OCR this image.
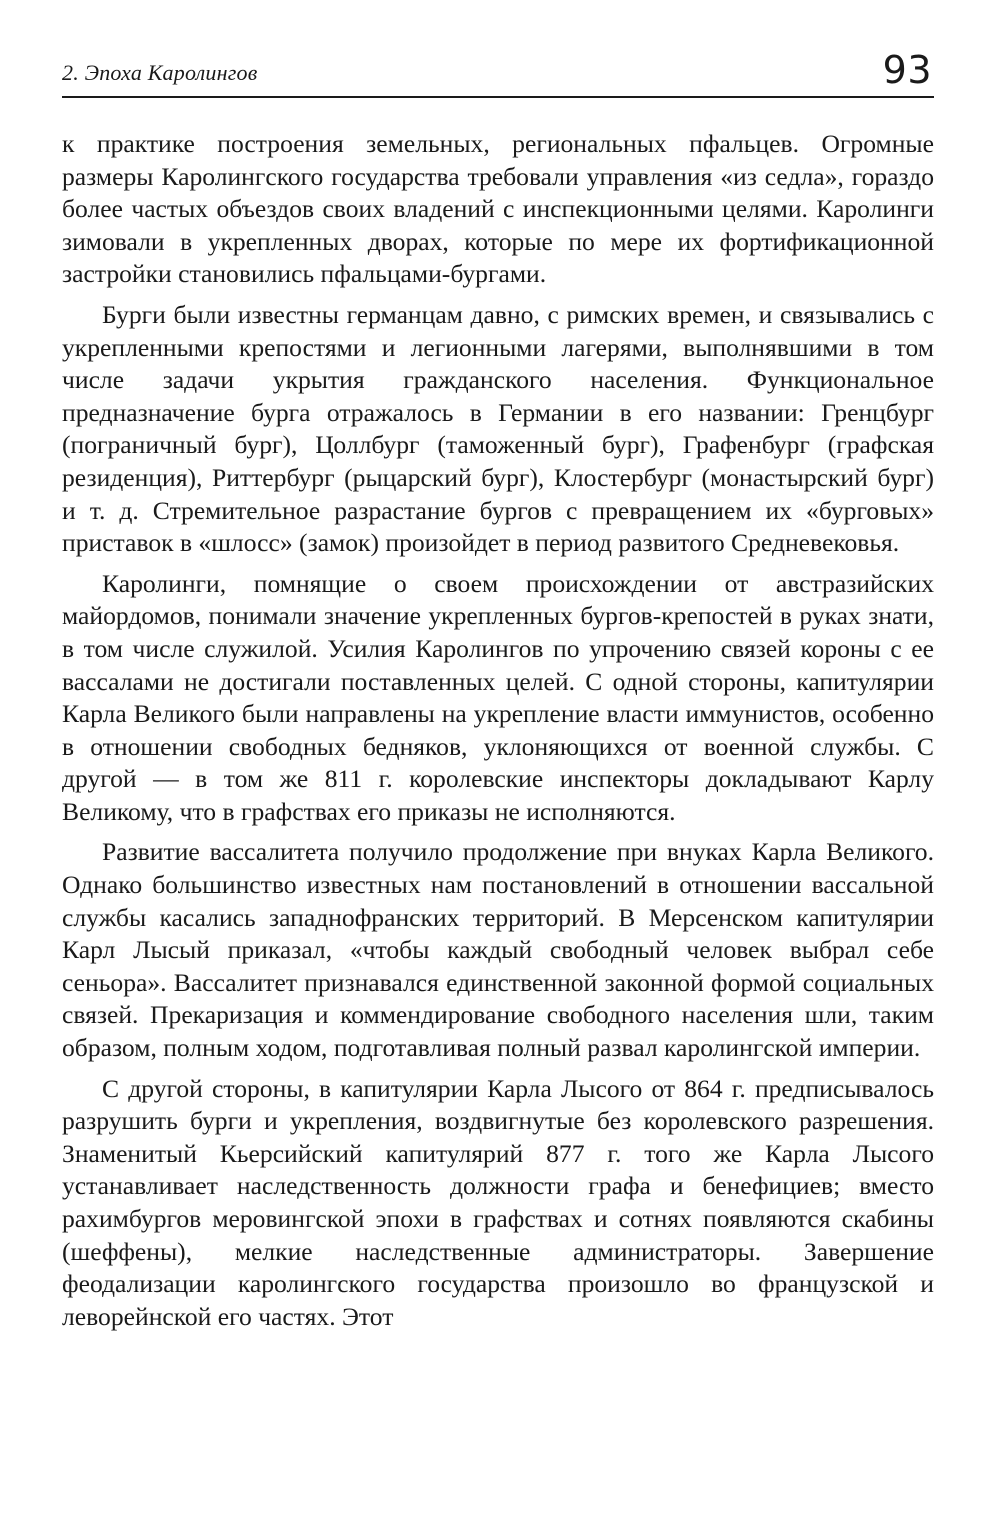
2. Эпоха Каролингов	93

к практике построения земельных, региональных пфальцев. Огромные размеры Каролингского государства требовали управления «из седла», гораздо более частых объездов своих владений с инспекционными целями. Каролинги зимовали в укрепленных дворах, которые по мере их фортификационной застройки становились пфальцами-бургами.

Бурги были известны германцам давно, с римских времен, и связывались с укрепленными крепостями и легионными лагерями, выполнявшими в том числе задачи укрытия гражданского населения. Функциональное предназначение бурга отражалось в Германии в его названии: Гренцбург (пограничный бург), Цоллбург (таможенный бург), Графенбург (графская резиденция), Риттербург (рыцарский бург), Клостербург (монастырский бург) и т. д. Стремительное разрастание бургов с превращением их «бурговых» приставок в «шлосс» (замок) произойдет в период развитого Средневековья.

Каролинги, помнящие о своем происхождении от австразийских майордомов, понимали значение укрепленных бургов-крепостей в руках знати, в том числе служилой. Усилия Каролингов по упрочению связей короны с ее вассалами не достигали поставленных целей. С одной стороны, капитулярии Карла Великого были направлены на укрепление власти иммунистов, особенно в отношении свободных бедняков, уклоняющихся от военной службы. С другой — в том же 811 г. королевские инспекторы докладывают Карлу Великому, что в графствах его приказы не исполняются.

Развитие вассалитета получило продолжение при внуках Карла Великого. Однако большинство известных нам постановлений в отношении вассальной службы касались западнофранских территорий. В Мерсенском капитулярии Карл Лысый приказал, «чтобы каждый свободный человек выбрал себе сеньора». Вассалитет признавался единственной законной формой социальных связей. Прекаризация и коммендирование свободного населения шли, таким образом, полным ходом, подготавливая полный развал каролингской империи.

С другой стороны, в капитулярии Карла Лысого от 864 г. предписывалось разрушить бурги и укрепления, воздвигнутые без королевского разрешения. Знаменитый Кьерсийский капитулярий 877 г. того же Карла Лысого устанавливает наследственность должности графа и бенефициев; вместо рахимбургов меровингской эпохи в графствах и сотнях появляются скабины (шеффены), мелкие наследственные администраторы. Завершение феодализации каролингского государства произошло во французской и леворейнской его частях. Этот
